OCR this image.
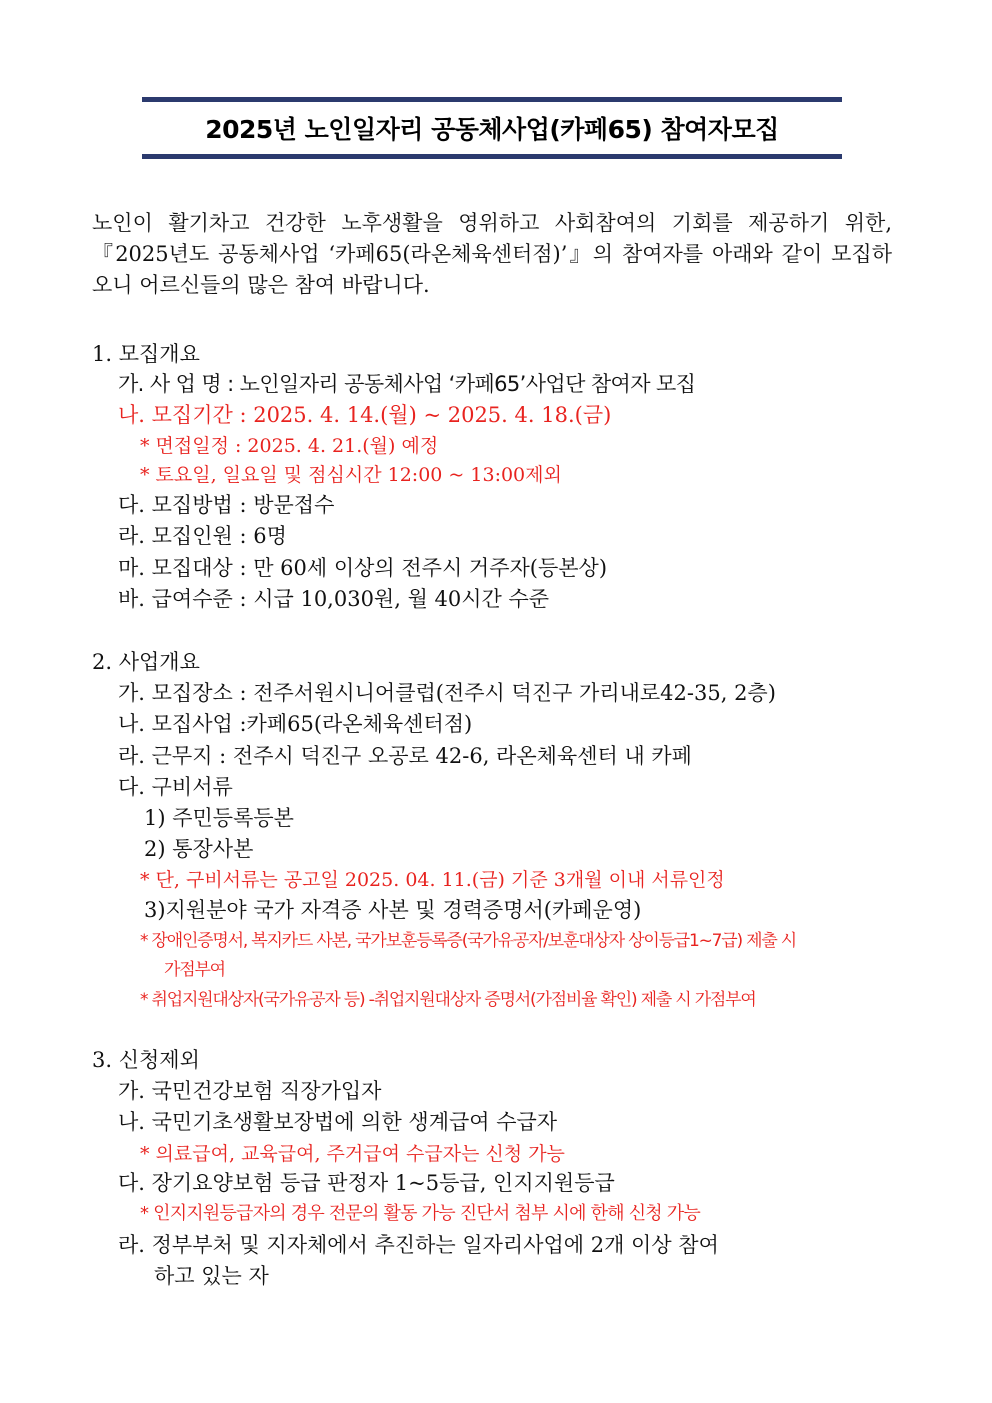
2025년 노인일자리 공동체사업(카페65) 참여자모집

노인이 활기차고 건강한 노후생활을 영위하고 사회참여의 기회를 제공하기 위한,『2025년도 공동체사업 ‘카페65(라온체육센터점)’』의 참여자를 아래와 같이 모집하오니 어르신들의 많은 참여 바랍니다.

1. 모집개요
가. 사 업 명 : 노인일자리 공동체사업 ‘카페65’사업단 참여자 모집
나. 모집기간 : 2025. 4. 14.(월) ~ 2025. 4. 18.(금)
* 면접일정 : 2025. 4. 21.(월) 예정
* 토요일, 일요일 및 점심시간 12:00 ~ 13:00제외
다. 모집방법 : 방문접수
라. 모집인원 : 6명
마. 모집대상 : 만 60세 이상의 전주시 거주자(등본상)
바. 급여수준 : 시급 10,030원, 월 40시간 수준
2. 사업개요
가. 모집장소 : 전주서원시니어클럽(전주시 덕진구 가리내로42-35, 2층)
나. 모집사업 :카페65(라온체육센터점)
라. 근무지 : 전주시 덕진구 오공로 42-6, 라온체육센터 내 카페
다. 구비서류
1) 주민등록등본
2) 통장사본
* 단, 구비서류는 공고일 2025. 04. 11.(금) 기준 3개월 이내 서류인정
3)지원분야 국가 자격증 사본 및 경력증명서(카페운영)
* 장애인증명서, 복지카드 사본, 국가보훈등록증(국가유공자/보훈대상자 상이등급1~7급) 제출 시
가점부여
* 취업지원대상자(국가유공자 등) -취업지원대상자 증명서(가점비율 확인) 제출 시 가점부여
3. 신청제외
가. 국민건강보험 직장가입자
나. 국민기초생활보장법에 의한 생계급여 수급자
* 의료급여, 교육급여, 주거급여 수급자는 신청 가능
다. 장기요양보험 등급 판정자 1~5등급, 인지지원등급
* 인지지원등급자의 경우 전문의 활동 가능 진단서 첨부 시에 한해 신청 가능
라. 정부부처 및 지자체에서 추진하는 일자리사업에 2개 이상 참여
하고 있는 자
